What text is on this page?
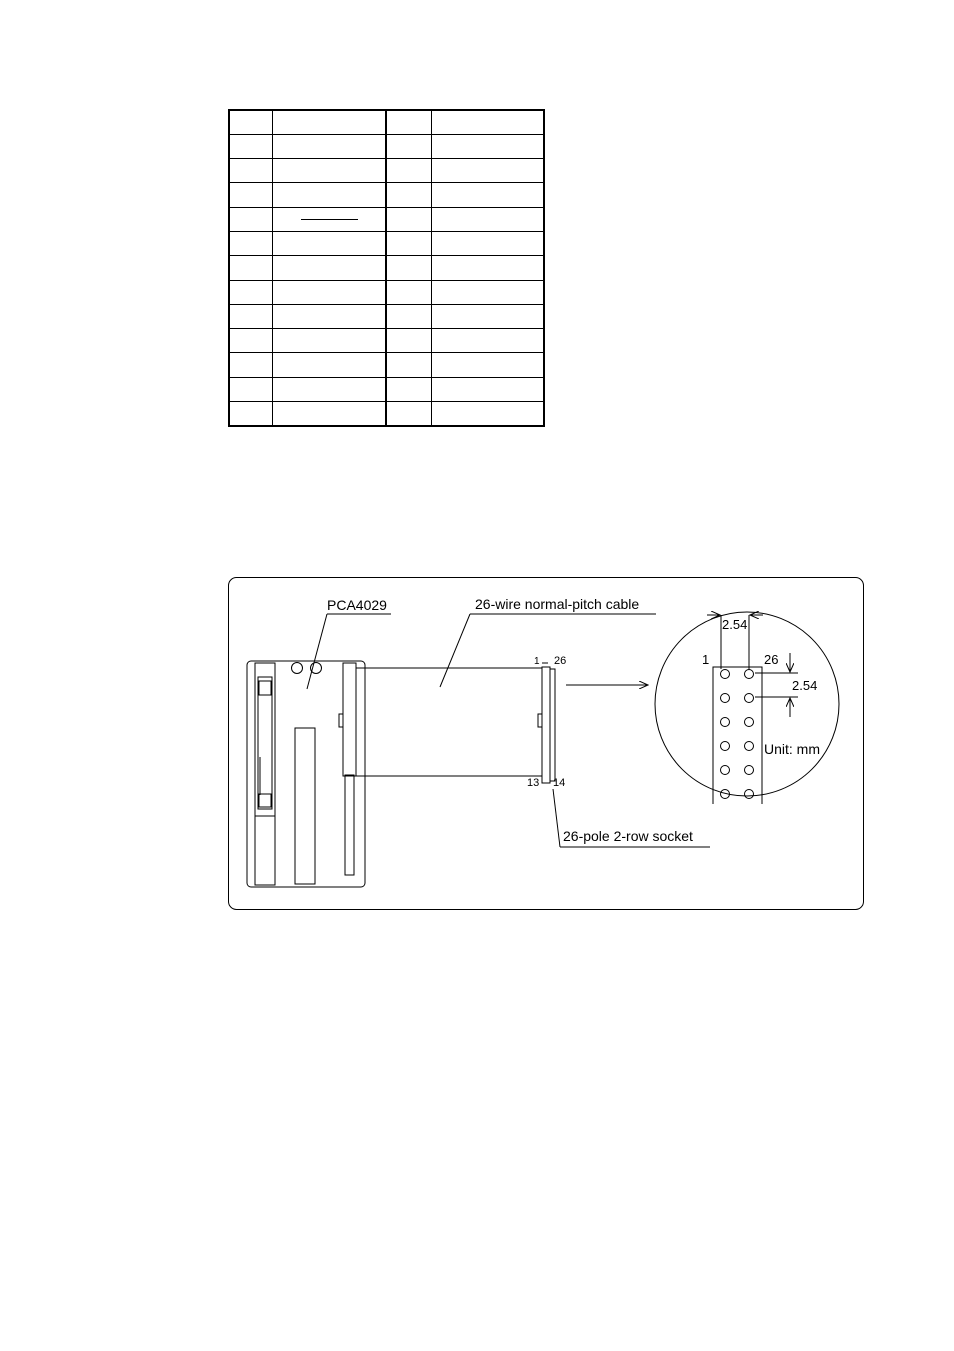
PCA4029	26-wire normal-pitch cable
26-pole 2-row socket
1 26
13 14
2.54
2.54
1	26
Unit: mm
